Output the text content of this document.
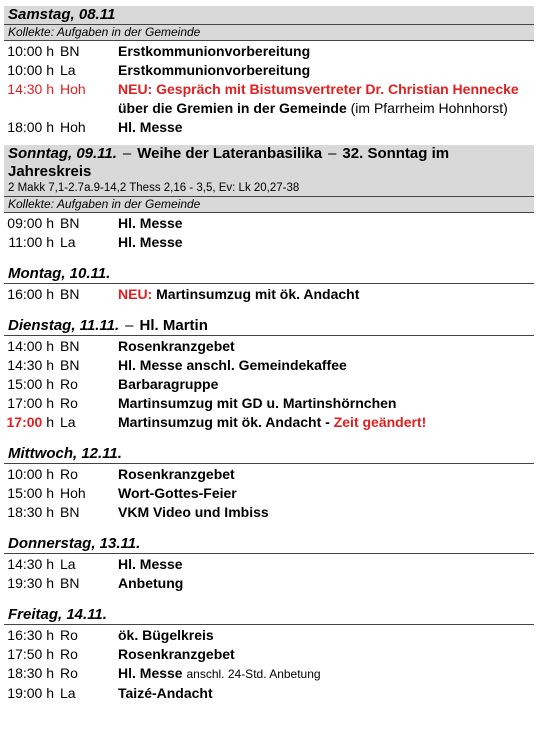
Samstag, 08.11
Kollekte: Aufgaben in der Gemeinde
10:00 h BN	Erstkommunionvorbereitung
10:00 h La	Erstkommunionvorbereitung
14:30 h Hoh	NEU: Gespräch mit Bistumsvertreter Dr. Christian Hennecke
über die Gremien in der Gemeinde (im Pfarrheim Hohnhorst)
18:00 h Hoh	Hl. Messe
Sonntag, 09.11. – Weihe der Lateranbasilika – 32. Sonntag im Jahreskreis
2 Makk 7,1-2.7a.9-14,2 Thess 2,16 - 3,5, Ev: Lk 20,27-38
Kollekte: Aufgaben in der Gemeinde
09:00 h BN	Hl. Messe
11:00 h La	Hl. Messe
Montag, 10.11.
16:00 h BN	NEU: Martinsumzug mit ök. Andacht
Dienstag, 11.11. – Hl. Martin
14:00 h BN	Rosenkranzgebet
14:30 h BN	Hl. Messe anschl. Gemeindekaffee
15:00 h Ro	Barbaragruppe
17:00 h Ro	Martinsumzug mit GD u. Martinshörnchen
17:00 h La	Martinsumzug mit ök. Andacht - Zeit geändert!
Mittwoch, 12.11.
10:00 h Ro	Rosenkranzgebet
15:00 h Hoh	Wort-Gottes-Feier
18:30 h BN	VKM Video und Imbiss
Donnerstag, 13.11.
14:30 h La	Hl. Messe
19:30 h BN	Anbetung
Freitag, 14.11.
16:30 h Ro	ök. Bügelkreis
17:50 h Ro	Rosenkranzgebet
18:30 h Ro	Hl. Messe anschl. 24-Std. Anbetung
19:00 h La	Taizé-Andacht
